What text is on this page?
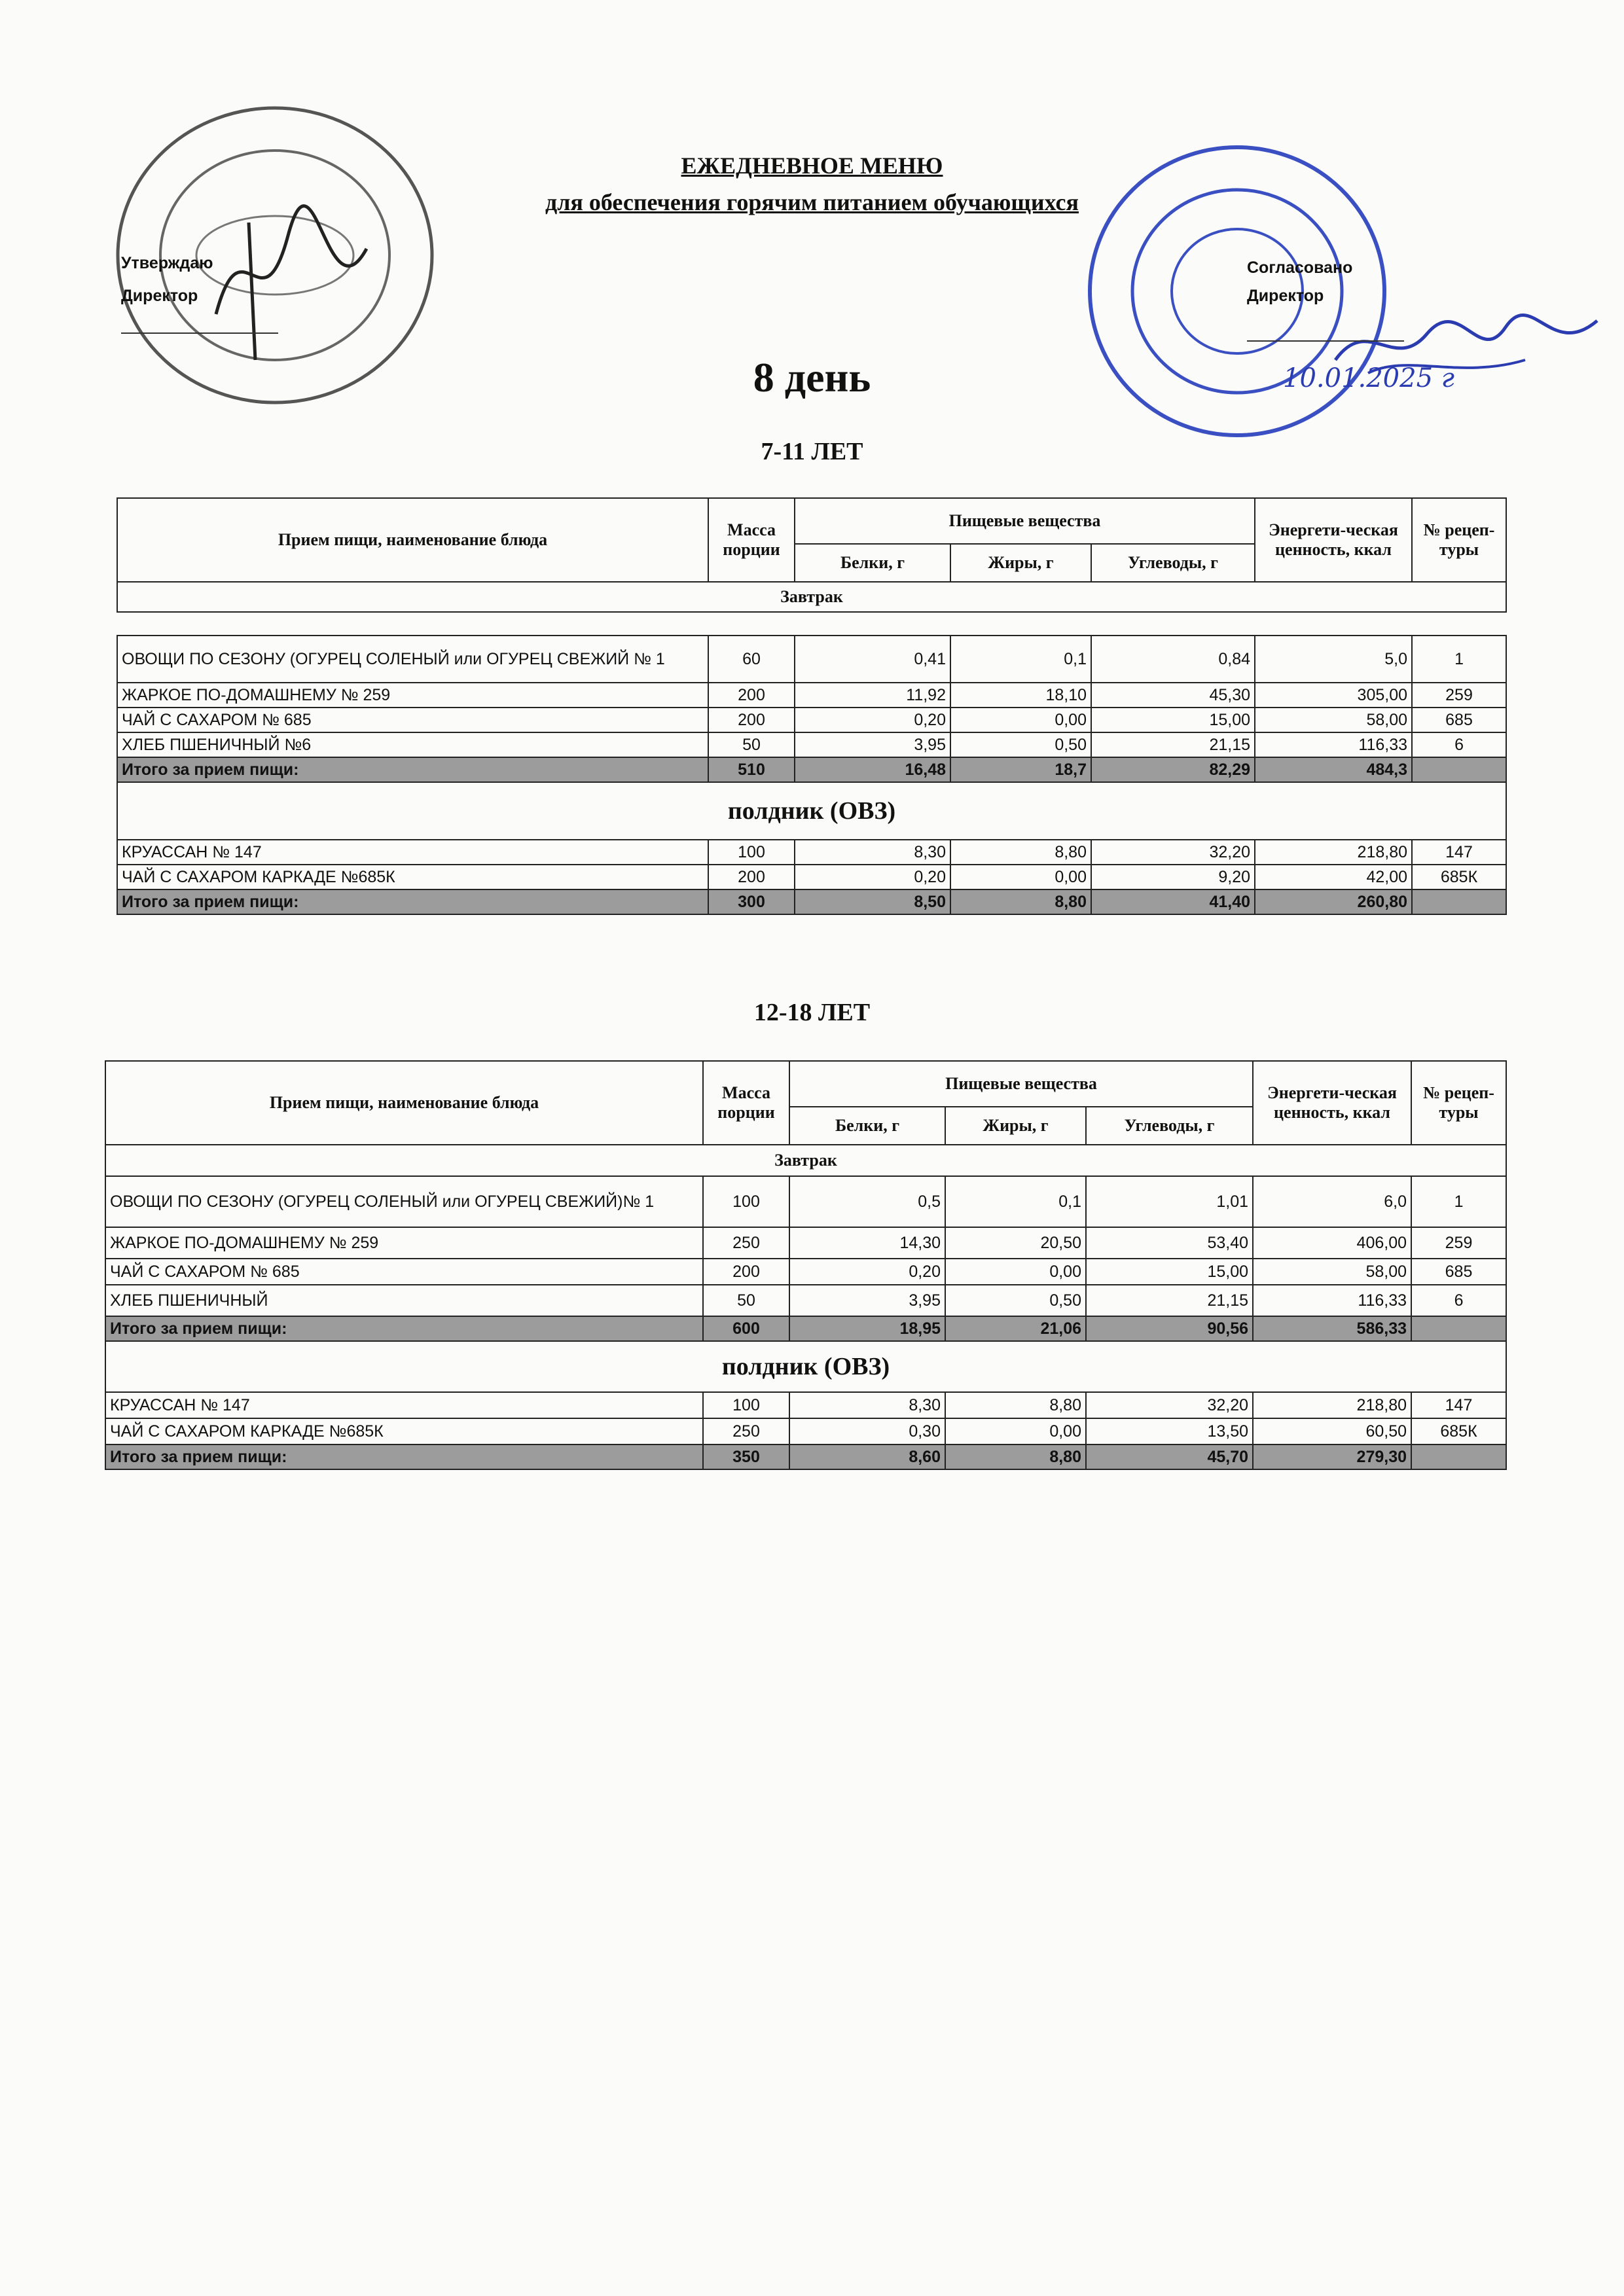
ЕЖЕДНЕВНОЕ МЕНЮ
для обеспечения горячим питанием обучающихся
Утверждаю
Директор
Согласовано
Директор
10.01.2025 г
8 день
7-11 ЛЕТ
Прием пищи, наименование блюда	Масса порции	Пищевые вещества			Энергети-ческая ценность, ккал	№ рецеп-туры
		Белки, г	Жиры, г	Углеводы, г		
Завтрак						

ОВОЩИ ПО СЕЗОНУ (ОГУРЕЦ СОЛЕНЫЙ или ОГУРЕЦ СВЕЖИЙ № 1	60	0,41	0,1	0,84	5,0	1
ЖАРКОЕ ПО-ДОМАШНЕМУ № 259	200	11,92	18,10	45,30	305,00	259
ЧАЙ С САХАРОМ № 685	200	0,20	0,00	15,00	58,00	685
ХЛЕБ ПШЕНИЧНЫЙ №6	50	3,95	0,50	21,15	116,33	6
Итого за прием пищи:	510	16,48	18,7	82,29	484,3	
полдник (ОВЗ)						
КРУАССАН № 147	100	8,30	8,80	32,20	218,80	147
ЧАЙ С САХАРОМ КАРКАДЕ №685К	200	0,20	0,00	9,20	42,00	685К
Итого за прием пищи:	300	8,50	8,80	41,40	260,80	
12-18 ЛЕТ
Прием пищи, наименование блюда	Масса порции	Пищевые вещества			Энергети-ческая ценность, ккал	№ рецеп-туры
		Белки, г	Жиры, г	Углеводы, г		
Завтрак						
ОВОЩИ ПО СЕЗОНУ (ОГУРЕЦ СОЛЕНЫЙ или ОГУРЕЦ СВЕЖИЙ)№ 1	100	0,5	0,1	1,01	6,0	1
ЖАРКОЕ ПО-ДОМАШНЕМУ № 259	250	14,30	20,50	53,40	406,00	259
ЧАЙ С САХАРОМ № 685	200	0,20	0,00	15,00	58,00	685
ХЛЕБ ПШЕНИЧНЫЙ	50	3,95	0,50	21,15	116,33	6
Итого за прием пищи:	600	18,95	21,06	90,56	586,33	
полдник (ОВЗ)						
КРУАССАН № 147	100	8,30	8,80	32,20	218,80	147
ЧАЙ С САХАРОМ КАРКАДЕ №685К	250	0,30	0,00	13,50	60,50	685К
Итого за прием пищи:	350	8,60	8,80	45,70	279,30	
